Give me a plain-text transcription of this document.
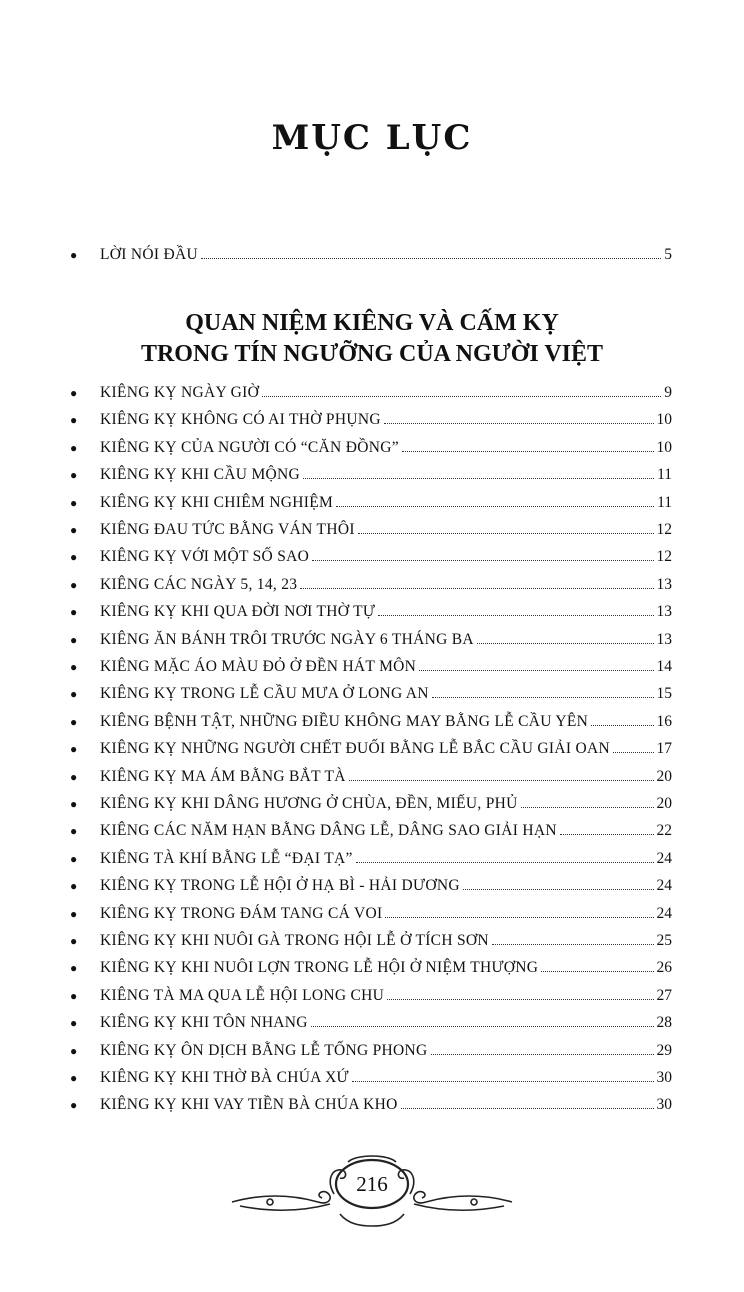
MỤC LỤC
●	LỜI NÓI ĐẦU	5
QUAN NIỆM KIÊNG VÀ CẤM KỴ
TRONG TÍN NGƯỠNG CỦA NGƯỜI VIỆT
●	KIÊNG KỴ NGÀY GIỜ	9
●	KIÊNG KỴ KHÔNG CÓ AI THỜ PHỤNG	10
●	KIÊNG KỴ CỦA NGƯỜI CÓ “CĂN ĐỒNG”	10
●	KIÊNG KỴ KHI CẦU MỘNG	11
●	KIÊNG KỴ KHI CHIÊM NGHIỆM	11
●	KIÊNG ĐAU TỨC BẰNG VÁN THÔI	12
●	KIÊNG KỴ VỚI MỘT SỐ SAO	12
●	KIÊNG CÁC NGÀY 5, 14, 23	13
●	KIÊNG KỴ KHI QUA ĐỜI NƠI THỜ TỰ	13
●	KIÊNG ĂN BÁNH TRÔI TRƯỚC NGÀY 6 THÁNG BA	13
●	KIÊNG MẶC ÁO MÀU ĐỎ Ở ĐỀN HÁT MÔN	14
●	KIÊNG KỴ TRONG LỄ CẦU MƯA Ở LONG AN	15
●	KIÊNG BỆNH TẬT, NHỮNG ĐIỀU KHÔNG MAY BẰNG LỄ CẦU YÊN	16
●	KIÊNG KỴ NHỮNG NGƯỜI CHẾT ĐUỐI BẰNG LỄ BẮC CẦU GIẢI OAN	17
●	KIÊNG KỴ MA ÁM BẰNG BẮT TÀ	20
●	KIÊNG KỴ KHI DÂNG HƯƠNG Ở CHÙA, ĐỀN, MIẾU, PHỦ	20
●	KIÊNG CÁC NĂM HẠN BẰNG DÂNG LỄ, DÂNG SAO GIẢI HẠN	22
●	KIÊNG TÀ KHÍ BẰNG LỄ “ĐẠI TẠ”	24
●	KIÊNG KỴ TRONG LỄ HỘI Ở HẠ BÌ - HẢI DƯƠNG	24
●	KIÊNG KỴ TRONG ĐÁM TANG CÁ VOI	24
●	KIÊNG KỴ KHI NUÔI GÀ TRONG HỘI LỄ Ở TÍCH SƠN	25
●	KIÊNG KỴ KHI NUÔI LỢN TRONG LỄ HỘI Ở NIỆM THƯỢNG	26
●	KIÊNG TÀ MA QUA LỄ HỘI LONG CHU	27
●	KIÊNG KỴ KHI TÔN NHANG	28
●	KIÊNG KỴ ÔN DỊCH BẰNG LỄ TỐNG PHONG	29
●	KIÊNG KỴ KHI THỜ BÀ CHÚA XỨ	30
●	KIÊNG KỴ KHI VAY TIỀN BÀ CHÚA KHO	30
216
